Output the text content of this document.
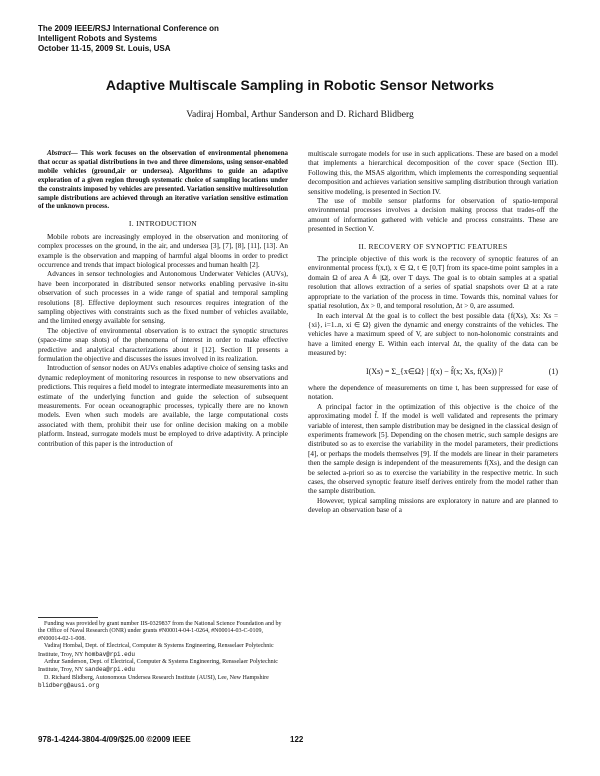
The 2009 IEEE/RSJ International Conference on
Intelligent Robots and Systems
October 11-15, 2009 St. Louis, USA
Adaptive Multiscale Sampling in Robotic Sensor Networks
Vadiraj Hombal, Arthur Sanderson and D. Richard Blidberg

Abstract— This work focuses on the observation of environmental phenomena that occur as spatial distributions in two and three dimensions, using sensor-enabled mobile vehicles (ground,air or undersea). Algorithms to guide an adaptive exploration of a given region through systematic choice of sampling locations under the constraints imposed by vehicles are presented. Variation sensitive multiresolution sample distributions are achieved through an iterative variation sensitive estimation of the unknown process.

I. INTRODUCTION

Mobile robots are increasingly employed in the observation and monitoring of complex processes on the ground, in the air, and undersea [3], [7], [8], [11], [13]. An example is the observation and mapping of harmful algal blooms in order to predict occurrence and trends that impact biological processes and human health [2].

Advances in sensor technologies and Autonomous Underwater Vehicles (AUVs), have been incorporated in distributed sensor networks enabling pervasive in-situ observation of such processes in a wide range of spatial and temporal sampling resolutions [8]. Effective deployment such resources requires integration of the sampling objectives with constraints such as the fixed number of vehicles available, and the limited energy available for sensing.

The objective of environmental observation is to extract the synoptic structures (space-time snap shots) of the phenomena of interest in order to make effective predictive and analytical characterizations about it [12]. Section II presents a formulation the objective and discusses the issues involved in its realization.

Introduction of sensor nodes on AUVs enables adaptive choice of sensing tasks and dynamic redeployment of monitoring resources in response to new observations and predictions. This requires a field model to integrate intermediate measurements into an estimate of the underlying function and guide the selection of subsequent measurements. For ocean oceanographic processes, typically there are no known models. Even when such models are available, the large computational costs associated with them, prohibit their use for online decision making on a mobile platform. Instead, surrogate models must be employed to drive adaptivity. A principle contribution of this paper is the introduction of

Funding was provided by grant number IIS-0329837 from the National Science Foundation and by the Office of Naval Research (ONR) under grants #N00014-04-1-0264, #N00014-03-C-0109, #N00014-02-1-008.

Vadiraj Hombal, Dept. of Electrical, Computer & Systems Engineering, Rensselaer Polytechnic Institute, Troy, NY hombav@rpi.edu

Arthur Sanderson, Dept. of Electrical, Computer & Systems Engineering, Rensselaer Polytechnic Institute, Troy, NY sandea@rpi.edu

D. Richard Blidberg, Autonomous Undersea Research Institute (AUSI), Lee, New Hampshire blidberg@ausi.org

multiscale surrogate models for use in such applications. These are based on a model that implements a hierarchical decomposition of the cover space (Section III). Following this, the MSAS algorithm, which implements the corresponding sequential decomposition and achieves variation sensitive sampling distribution through variation sensitive modeling, is presented in Section IV.

The use of mobile sensor platforms for observation of spatio-temporal environmental processes involves a decision making process that trades-off the amount of information gathered with vehicle and process constraints. These are presented in Section V.

II. RECOVERY OF SYNOPTIC FEATURES

The principle objective of this work is the recovery of synoptic features of an environmental process f(x,t), x ∈ Ω, t ∈ [0,T] from its space-time point samples in a domain Ω of area A ≜ |Ω|, over T days. The goal is to obtain samples at a spatial resolution that allows extraction of a series of spatial snapshots over Ω at a rate appropriate to the variation of the process in time. Towards this, nominal values for spatial resolution, Δx > 0, and temporal resolution, Δt > 0, are assumed.

In each interval Δt the goal is to collect the best possible data {f(Xs), Xs: Xs = {xi}, i=1..n, xi ∈ Ω} given the dynamic and energy constraints of the vehicles. The vehicles have a maximum speed of V, are subject to non-holonomic constraints and have a limited energy E. Within each interval Δt, the quality of the data can be measured by:

I(Xs) = Σ_{x∈Ω} | f(x) − f̂(x; Xs, f(Xs)) |²	(1)

where the dependence of measurements on time t, has been suppressed for ease of notation.

A principal factor in the optimization of this objective is the choice of the approximating model f̂. If the model is well validated and represents the primary variable of interest, then sample distribution may be designed in the classical design of experiments framework [5]. Depending on the chosen metric, such sample designs are distributed so as to exercise the variability in the model parameters, their predictions [4], or perhaps the models themselves [9]. If the models are linear in their parameters then the sample design is independent of the measurements f(Xs), and the design can be selected a-priori so as to exercise the variability in the respective metric. In such cases, the observed synoptic feature itself derives entirely from the model rather than the sample distribution.

However, typical sampling missions are exploratory in nature and are planned to develop an observation base of a

978-1-4244-3804-4/09/$25.00 ©2009 IEEE	122
